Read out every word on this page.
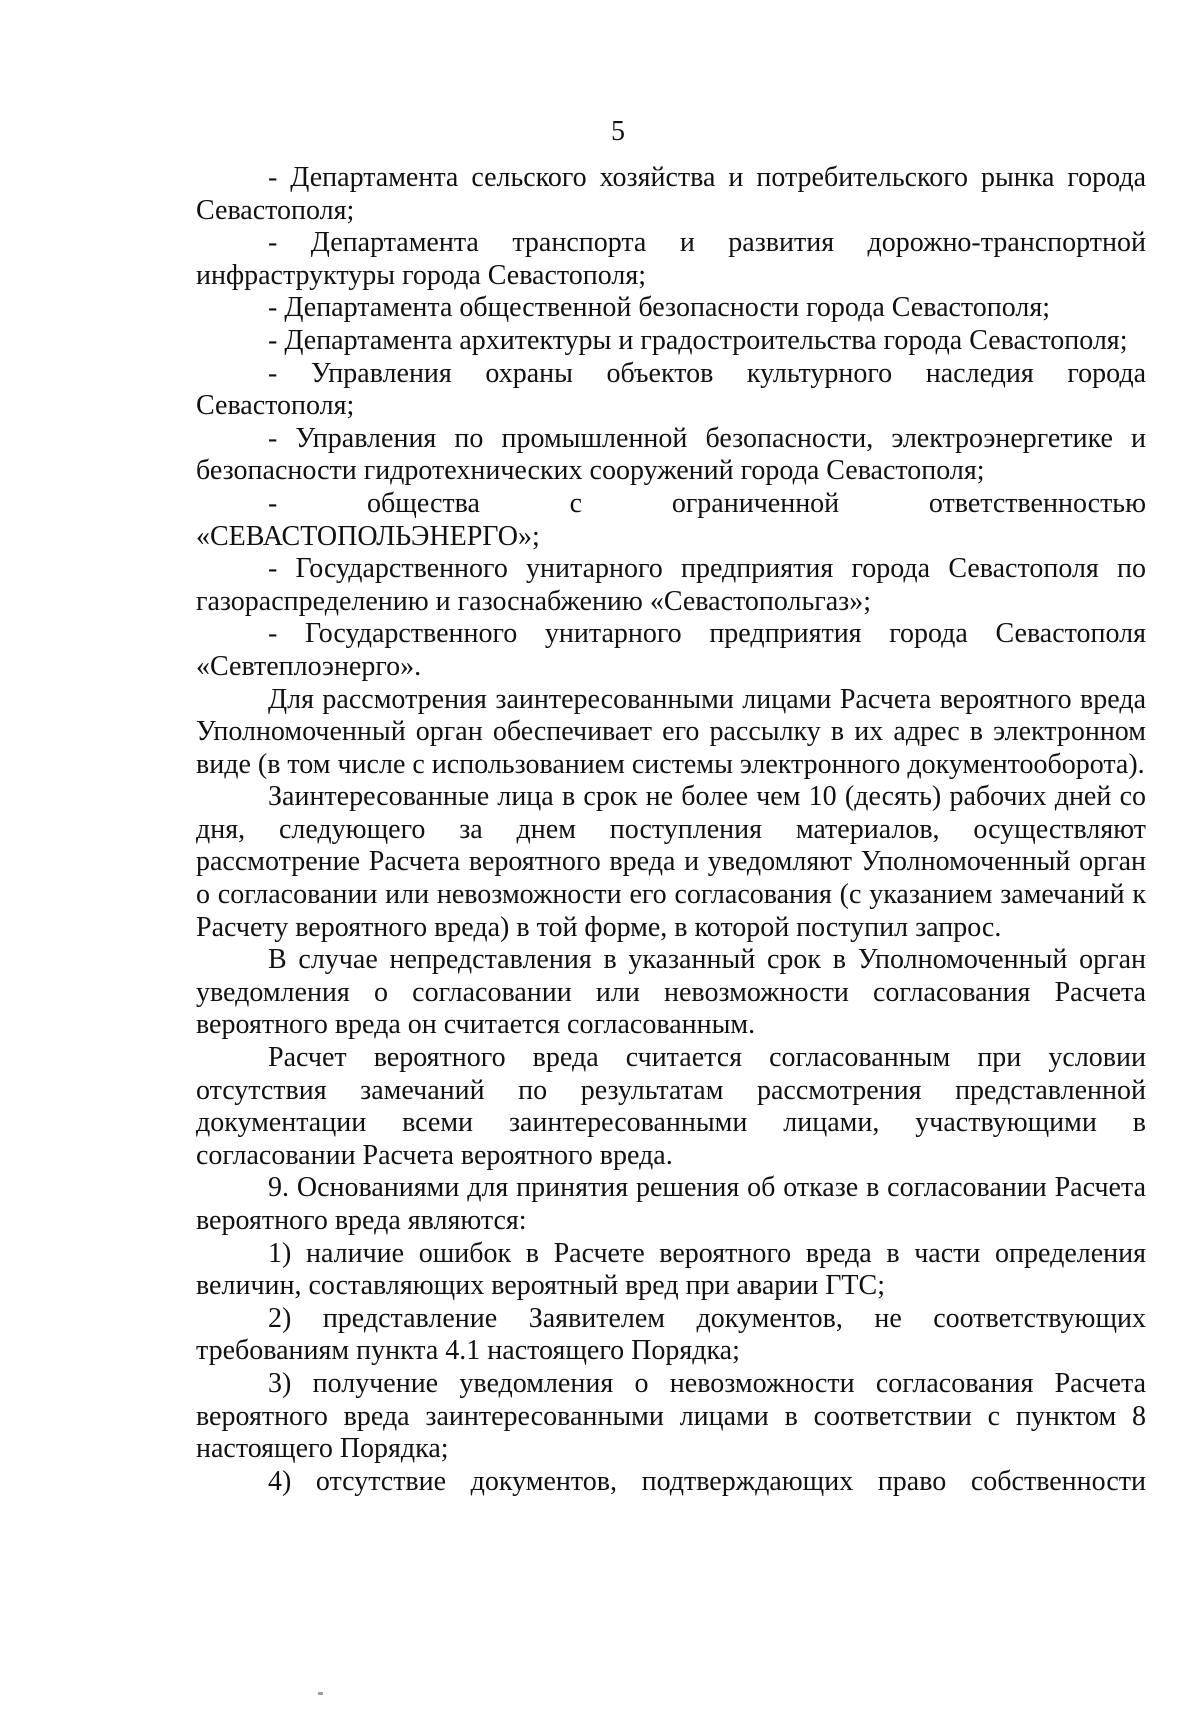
5

- Департамента сельского хозяйства и потребительского рынка города Севастополя;

- Департамента транспорта и развития дорожно-транспортной инфраструктуры города Севастополя;

- Департамента общественной безопасности города Севастополя;

- Департамента архитектуры и градостроительства города Севастополя;

- Управления охраны объектов культурного наследия города Севастополя;

- Управления по промышленной безопасности, электроэнергетике и безопасности гидротехнических сооружений города Севастополя;

- общества с ограниченной ответственностью «СЕВАСТОПОЛЬЭНЕРГО»;

- Государственного унитарного предприятия города Севастополя по газораспределению и газоснабжению «Севастопольгаз»;

- Государственного унитарного предприятия города Севастополя «Севтеплоэнерго».

Для рассмотрения заинтересованными лицами Расчета вероятного вреда Уполномоченный орган обеспечивает его рассылку в их адрес в электронном виде (в том числе с использованием системы электронного документооборота).

Заинтересованные лица в срок не более чем 10 (десять) рабочих дней со дня, следующего за днем поступления материалов, осуществляют рассмотрение Расчета вероятного вреда и уведомляют Уполномоченный орган о согласовании или невозможности его согласования (с указанием замечаний к Расчету вероятного вреда) в той форме, в которой поступил запрос.

В случае непредставления в указанный срок в Уполномоченный орган уведомления о согласовании или невозможности согласования Расчета вероятного вреда он считается согласованным.

Расчет вероятного вреда считается согласованным при условии отсутствия замечаний по результатам рассмотрения представленной документации всеми заинтересованными лицами, участвующими в согласовании Расчета вероятного вреда.

9. Основаниями для принятия решения об отказе в согласовании Расчета вероятного вреда являются:

1) наличие ошибок в Расчете вероятного вреда в части определения величин, составляющих вероятный вред при аварии ГТС;

2) представление Заявителем документов, не соответствующих требованиям пункта 4.1 настоящего Порядка;

3) получение уведомления о невозможности согласования Расчета вероятного вреда заинтересованными лицами в соответствии с пунктом 8 настоящего Порядка;

4) отсутствие документов, подтверждающих право собственности
